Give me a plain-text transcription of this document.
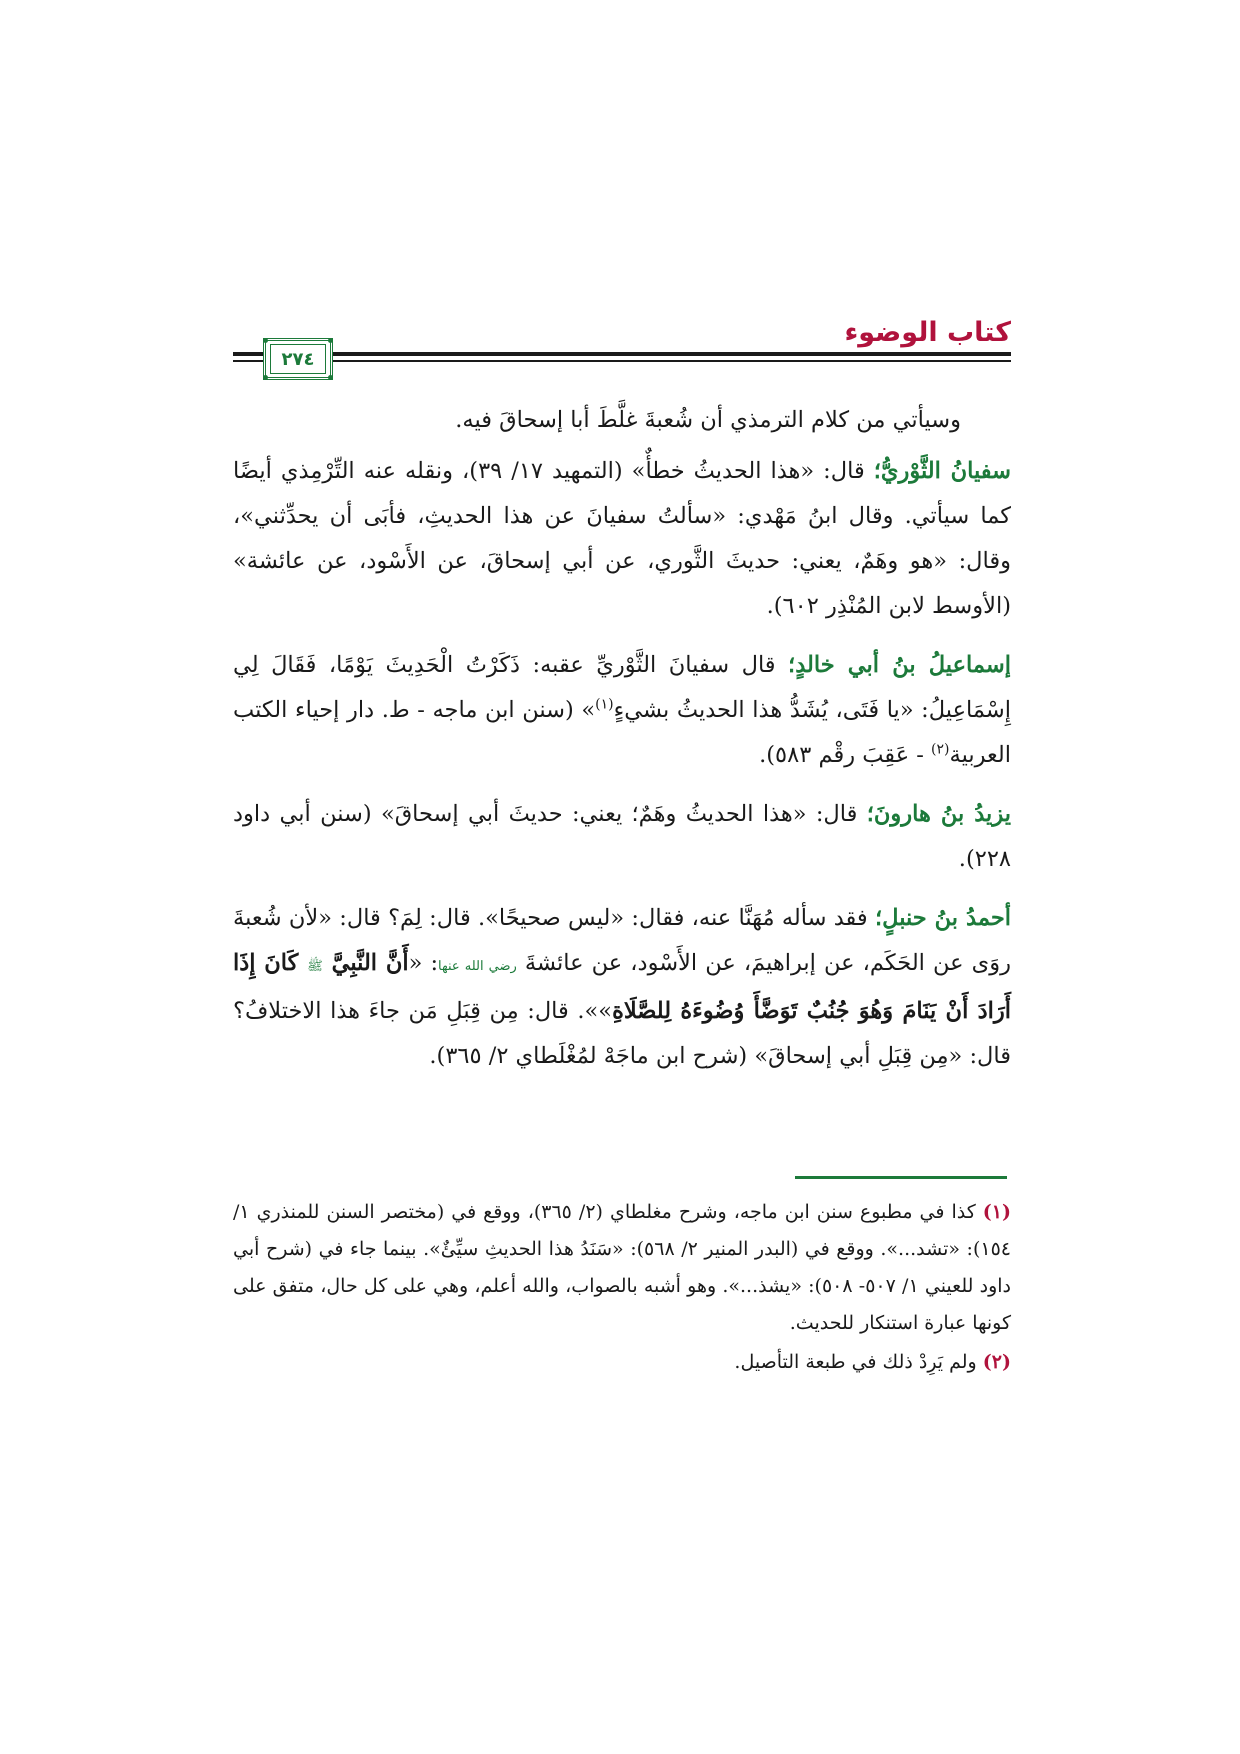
كتاب الوضوء
٢٧٤

وسيأتي من كلام الترمذي أن شُعبةَ غلَّطَ أبا إسحاقَ فيه.

سفيانُ الثَّوْريُّ؛ قال: «هذا الحديثُ خطأٌ» (التمهيد ١٧/ ٣٩)، ونقله عنه التِّرْمِذي أيضًا كما سيأتي. وقال ابنُ مَهْدي: «سألتُ سفيانَ عن هذا الحديثِ، فأبَى أن يحدِّثني»، وقال: «هو وهَمٌ، يعني: حديثَ الثَّوري، عن أبي إسحاقَ، عن الأَسْود، عن عائشة» (الأوسط لابن المُنْذِر ٦٠٢).

إسماعيلُ بنُ أبي خالدٍ؛ قال سفيانَ الثَّوْريِّ عقبه: ذَكَرْتُ الْحَدِيثَ يَوْمًا، فَقَالَ لِي إِسْمَاعِيلُ: «يا فَتَى، يُشَدُّ هذا الحديثُ بشيءٍ$^{(١)}$» (سنن ابن ماجه - ط. دار إحياء الكتب العربية$^{(٢)}$ - عَقِبَ رقْم ٥٨٣).

يزيدُ بنُ هارونَ؛ قال: «هذا الحديثُ وهَمٌ؛ يعني: حديثَ أبي إسحاقَ» (سنن أبي داود ٢٢٨).

أحمدُ بنُ حنبلٍ؛ فقد سأله مُهَنَّا عنه، فقال: «ليس صحيحًا». قال: لِمَ؟ قال: «لأن شُعبةَ روَى عن الحَكَم، عن إبراهيمَ، عن الأَسْود، عن عائشةَ رضي الله عنها: «أَنَّ النَّبِيَّ ﷺ كَانَ إِذَا أَرَادَ أَنْ يَنَامَ وَهُوَ جُنُبٌ تَوَضَّأَ وُضُوءَهُ لِلصَّلَاةِ»». قال: مِن قِبَلِ مَن جاءَ هذا الاختلافُ؟ قال: «مِن قِبَلِ أبي إسحاقَ» (شرح ابن ماجَهْ لمُغْلَطاي ٢/ ٣٦٥).

(١) كذا في مطبوع سنن ابن ماجه، وشرح مغلطاي (٢/ ٣٦٥)، ووقع في (مختصر السنن للمنذري ١/ ١٥٤): «تشد...». ووقع في (البدر المنير ٢/ ٥٦٨): «سَنَدُ هذا الحديثِ سيِّئٌ». بينما جاء في (شرح أبي داود للعيني ١/ ٥٠٧- ٥٠٨): «يشذ...». وهو أشبه بالصواب، والله أعلم، وهي على كل حال، متفق على كونها عبارة استنكار للحديث.

(٢) ولم يَرِدْ ذلك في طبعة التأصيل.
